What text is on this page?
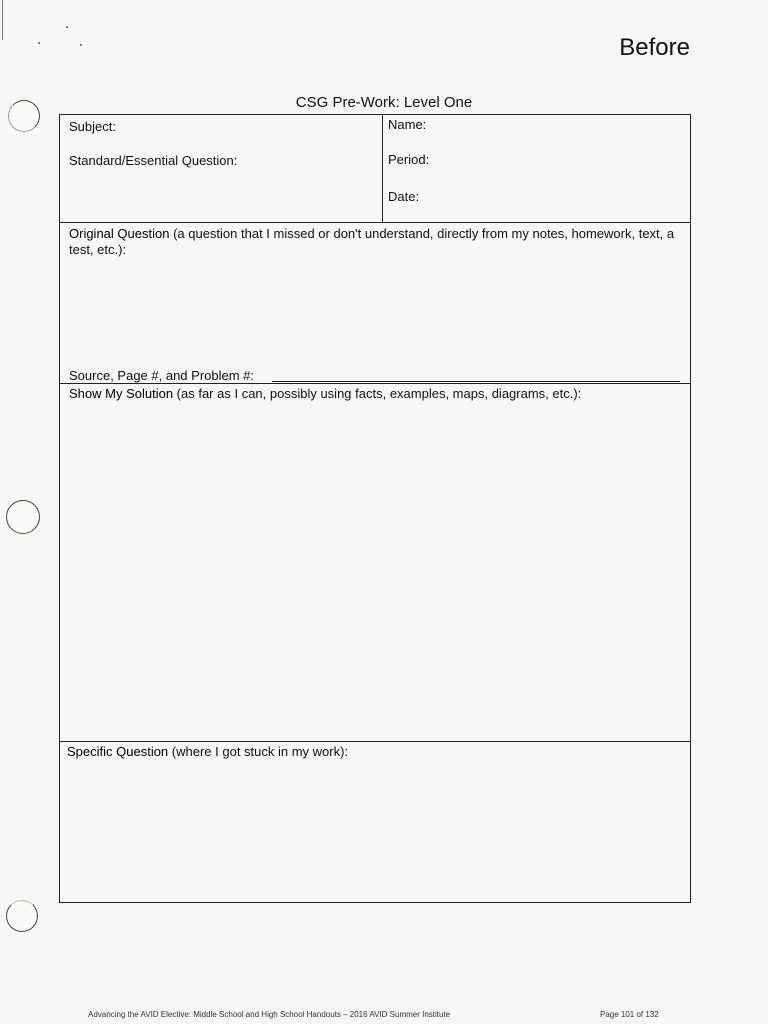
Before
CSG Pre-Work: Level One
Subject:
Standard/Essential Question:
Name:
Period:
Date:
Original Question (a question that I missed or don't understand, directly from my notes, homework, text, a test, etc.):
Source, Page #, and Problem #:
Show My Solution (as far as I can, possibly using facts, examples, maps, diagrams, etc.):
Specific Question (where I got stuck in my work):
Advancing the AVID Elective: Middle School and High School Handouts – 2016 AVID Summer Institute	Page 101 of 132
